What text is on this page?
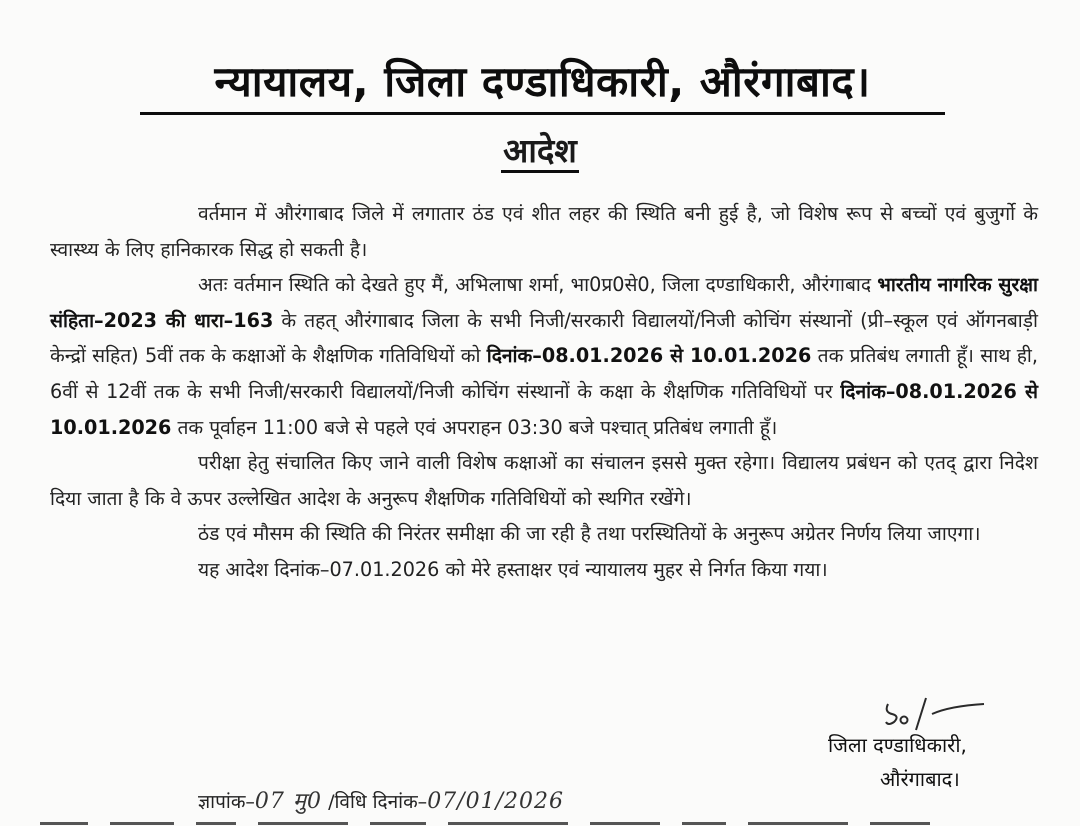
न्यायालय, जिला दण्डाधिकारी, औरंगाबाद।
आदेश

वर्तमान में औरंगाबाद जिले में लगातार ठंड एवं शीत लहर की स्थिति बनी हुई है, जो विशेष रूप से बच्चों एवं बुजुर्गो के स्वास्थ्य के लिए हानिकारक सिद्ध हो सकती है।

अतः वर्तमान स्थिति को देखते हुए मैं, अभिलाषा शर्मा, भा0प्र0से0, जिला दण्डाधिकारी, औरंगाबाद भारतीय नागरिक सुरक्षा संहिता–2023 की धारा–163 के तहत् औरंगाबाद जिला के सभी निजी/सरकारी विद्यालयों/निजी कोचिंग संस्थानों (प्री–स्कूल एवं ऑगनबाड़ी केन्द्रों सहित) 5वीं तक के कक्षाओं के शैक्षणिक गतिविधियों को दिनांक–08.01.2026 से 10.01.2026 तक प्रतिबंध लगाती हूँ। साथ ही, 6वीं से 12वीं तक के सभी निजी/सरकारी विद्यालयों/निजी कोचिंग संस्थानों के कक्षा के शैक्षणिक गतिविधियों पर दिनांक–08.01.2026 से 10.01.2026 तक पूर्वाहन 11:00 बजे से पहले एवं अपराहन 03:30 बजे पश्चात् प्रतिबंध लगाती हूँ।

परीक्षा हेतु संचालित किए जाने वाली विशेष कक्षाओं का संचालन इससे मुक्त रहेगा। विद्यालय प्रबंधन को एतद् द्वारा निदेश दिया जाता है कि वे ऊपर उल्लेखित आदेश के अनुरूप शैक्षणिक गतिविधियों को स्थगित रखेंगे।

ठंड एवं मौसम की स्थिति की निरंतर समीक्षा की जा रही है तथा परस्थितियों के अनुरूप अग्रेतर निर्णय लिया जाएगा।

यह आदेश दिनांक–07.01.2026 को मेरे हस्ताक्षर एवं न्यायालय मुहर से निर्गत किया गया।

जिला दण्डाधिकारी,
औरंगाबाद।
ज्ञापांक–07 मु0 /विधि दिनांक–07/01/2026
